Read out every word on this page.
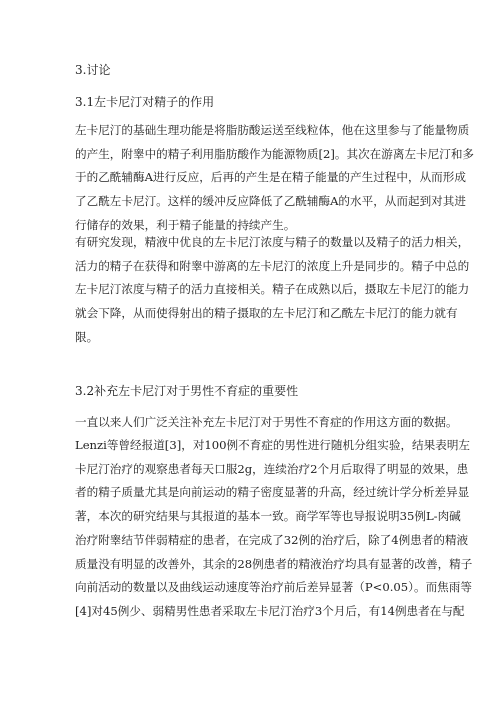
3.讨论
3.1左卡尼汀对精子的作用
左卡尼汀的基础生理功能是将脂肪酸运送至线粒体，他在这里参与了能量物质
的产生，附睾中的精子利用脂肪酸作为能源物质[2]。其次在游离左卡尼汀和多
于的乙酰辅酶A进行反应，后再的产生是在精子能量的产生过程中，从而形成
了乙酰左卡尼汀。这样的缓冲反应降低了乙酰辅酶A的水平，从而起到对其进
行储存的效果，利于精子能量的持续产生。
有研究发现，精液中优良的左卡尼汀浓度与精子的数量以及精子的活力相关，
活力的精子在获得和附睾中游离的左卡尼汀的浓度上升是同步的。精子中总的
左卡尼汀浓度与精子的活力直接相关。精子在成熟以后，摄取左卡尼汀的能力
就会下降，从而使得射出的精子摄取的左卡尼汀和乙酰左卡尼汀的能力就有
限。
3.2补充左卡尼汀对于男性不育症的重要性
一直以来人们广泛关注补充左卡尼汀对于男性不育症的作用这方面的数据。
Lenzi等曾经报道[3]，对100例不育症的男性进行随机分组实验，结果表明左
卡尼汀治疗的观察患者每天口服2g，连续治疗2个月后取得了明显的效果，患
者的精子质量尤其是向前运动的精子密度显著的升高，经过统计学分析差异显
著，本次的研究结果与其报道的基本一致。商学军等也导报说明35例L-肉碱
治疗附睾结节伴弱精症的患者，在完成了32例的治疗后，除了4例患者的精液
质量没有明显的改善外，其余的28例患者的精液治疗均具有显著的改善，精子
向前活动的数量以及曲线运动速度等治疗前后差异显著（P<0.05）。而焦雨等
[4]对45例少、弱精男性患者采取左卡尼汀治疗3个月后，有14例患者在与配
